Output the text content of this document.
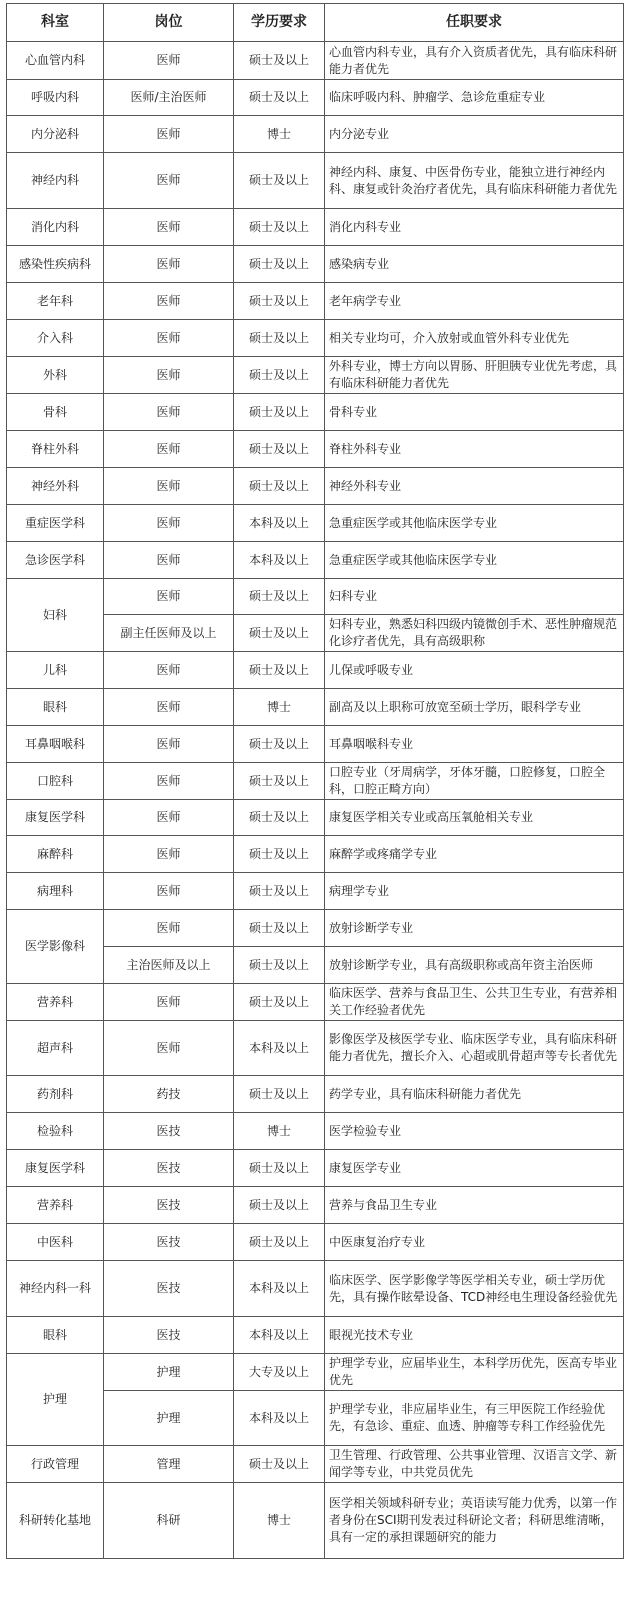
科室	岗位	学历要求	任职要求
心血管内科	医师	硕士及以上	心血管内科专业，具有介入资质者优先，具有临床科研能力者优先
呼吸内科	医师/主治医师	硕士及以上	临床呼吸内科、肿瘤学、急诊危重症专业
内分泌科	医师	博士	内分泌专业
神经内科	医师	硕士及以上	神经内科、康复、中医骨伤专业，能独立进行神经内科、康复或针灸治疗者优先，具有临床科研能力者优先
消化内科	医师	硕士及以上	消化内科专业
感染性疾病科	医师	硕士及以上	感染病专业
老年科	医师	硕士及以上	老年病学专业
介入科	医师	硕士及以上	相关专业均可，介入放射或血管外科专业优先
外科	医师	硕士及以上	外科专业，博士方向以胃肠、肝胆胰专业优先考虑，具有临床科研能力者优先
骨科	医师	硕士及以上	骨科专业
脊柱外科	医师	硕士及以上	脊柱外科专业
神经外科	医师	硕士及以上	神经外科专业
重症医学科	医师	本科及以上	急重症医学或其他临床医学专业
急诊医学科	医师	本科及以上	急重症医学或其他临床医学专业
妇科	医师	硕士及以上	妇科专业
	副主任医师及以上	硕士及以上	妇科专业，熟悉妇科四级内镜微创手术、恶性肿瘤规范化诊疗者优先，具有高级职称
儿科	医师	硕士及以上	儿保或呼吸专业
眼科	医师	博士	副高及以上职称可放宽至硕士学历，眼科学专业
耳鼻咽喉科	医师	硕士及以上	耳鼻咽喉科专业
口腔科	医师	硕士及以上	口腔专业（牙周病学，牙体牙髓，口腔修复，口腔全科，口腔正畸方向）
康复医学科	医师	硕士及以上	康复医学相关专业或高压氧舱相关专业
麻醉科	医师	硕士及以上	麻醉学或疼痛学专业
病理科	医师	硕士及以上	病理学专业
医学影像科	医师	硕士及以上	放射诊断学专业
	主治医师及以上	硕士及以上	放射诊断学专业，具有高级职称或高年资主治医师
营养科	医师	硕士及以上	临床医学、营养与食品卫生、公共卫生专业，有营养相关工作经验者优先
超声科	医师	本科及以上	影像医学及核医学专业、临床医学专业，具有临床科研能力者优先，擅长介入、心超或肌骨超声等专长者优先
药剂科	药技	硕士及以上	药学专业，具有临床科研能力者优先
检验科	医技	博士	医学检验专业
康复医学科	医技	硕士及以上	康复医学专业
营养科	医技	硕士及以上	营养与食品卫生专业
中医科	医技	硕士及以上	中医康复治疗专业
神经内科一科	医技	本科及以上	临床医学、医学影像学等医学相关专业，硕士学历优先，具有操作眩晕设备、TCD神经电生理设备经验优先
眼科	医技	本科及以上	眼视光技术专业
护理	护理	大专及以上	护理学专业，应届毕业生，本科学历优先，医高专毕业优先
	护理	本科及以上	护理学专业，非应届毕业生，有三甲医院工作经验优先，有急诊、重症、血透、肿瘤等专科工作经验优先
行政管理	管理	硕士及以上	卫生管理、行政管理、公共事业管理、汉语言文学、新闻学等专业，中共党员优先
科研转化基地	科研	博士	医学相关领域科研专业；英语读写能力优秀，以第一作者身份在SCI期刊发表过科研论文者；科研思维清晰，具有一定的承担课题研究的能力
